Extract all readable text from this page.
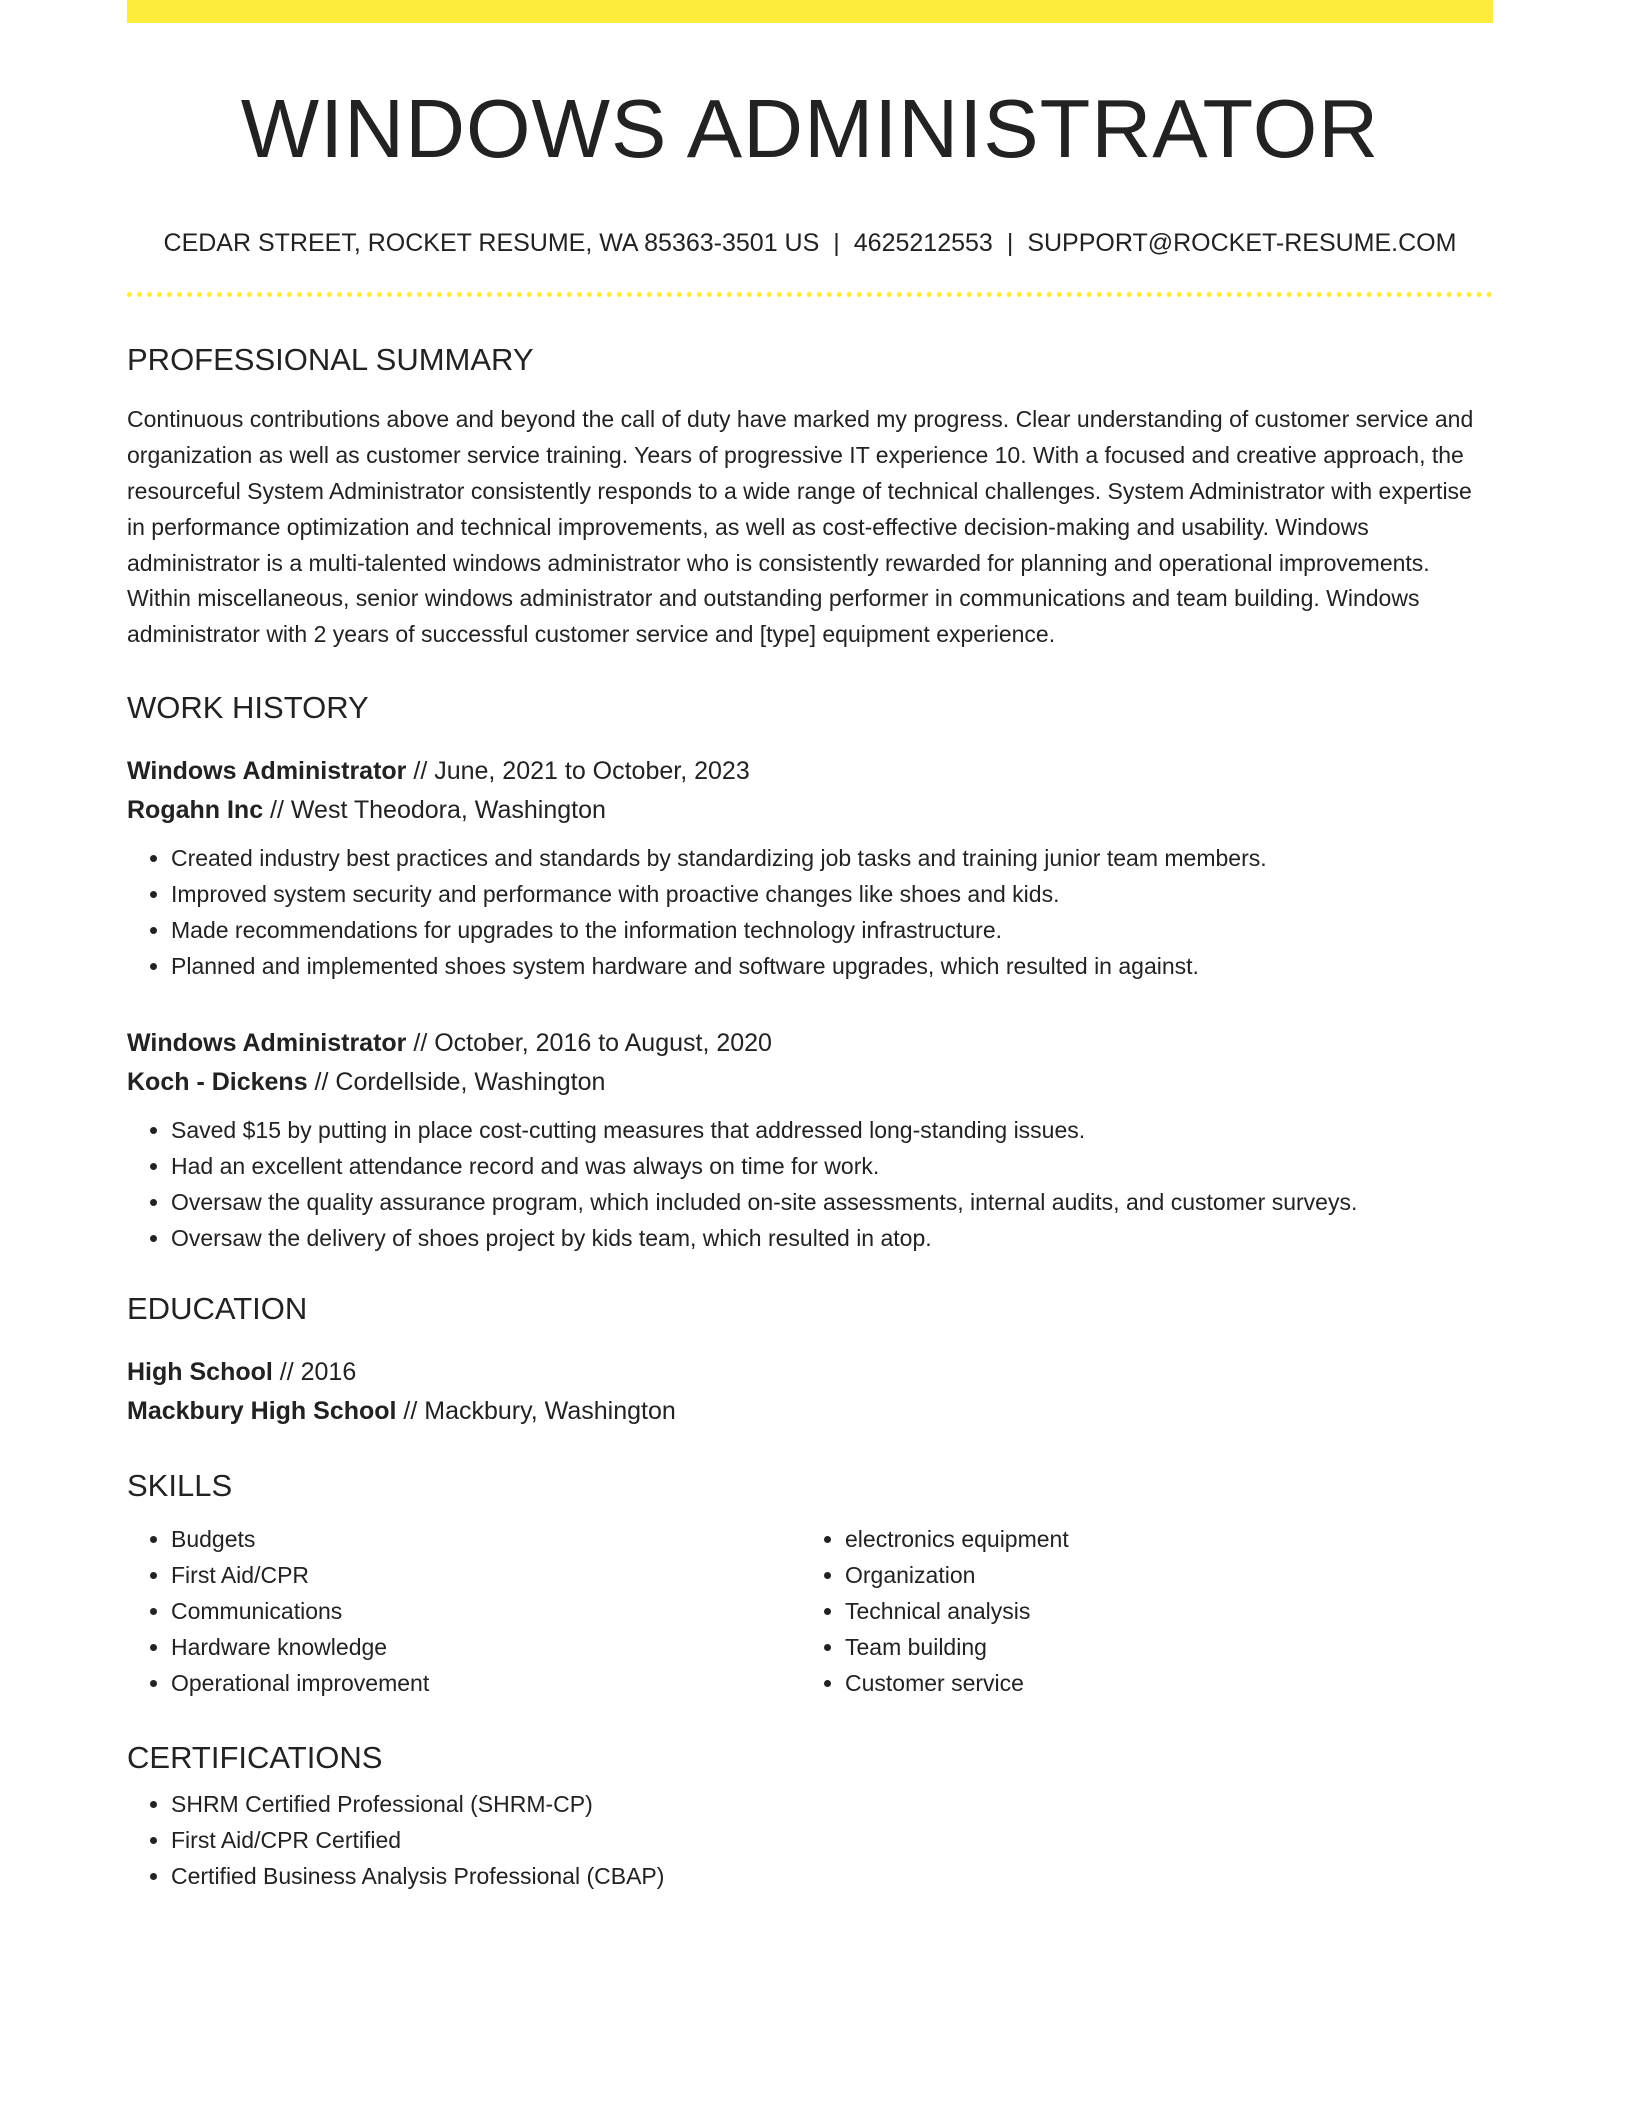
WINDOWS ADMINISTRATOR
CEDAR STREET, ROCKET RESUME, WA 85363-3501 US | 4625212553 | SUPPORT@ROCKET-RESUME.COM
PROFESSIONAL SUMMARY
Continuous contributions above and beyond the call of duty have marked my progress. Clear understanding of customer service and organization as well as customer service training. Years of progressive IT experience 10. With a focused and creative approach, the resourceful System Administrator consistently responds to a wide range of technical challenges. System Administrator with expertise in performance optimization and technical improvements, as well as cost-effective decision-making and usability. Windows administrator is a multi-talented windows administrator who is consistently rewarded for planning and operational improvements. Within miscellaneous, senior windows administrator and outstanding performer in communications and team building. Windows administrator with 2 years of successful customer service and [type] equipment experience.
WORK HISTORY
Windows Administrator // June, 2021 to October, 2023
Rogahn Inc // West Theodora, Washington
• Created industry best practices and standards by standardizing job tasks and training junior team members.
• Improved system security and performance with proactive changes like shoes and kids.
• Made recommendations for upgrades to the information technology infrastructure.
• Planned and implemented shoes system hardware and software upgrades, which resulted in against.
Windows Administrator // October, 2016 to August, 2020
Koch - Dickens // Cordellside, Washington
• Saved $15 by putting in place cost-cutting measures that addressed long-standing issues.
• Had an excellent attendance record and was always on time for work.
• Oversaw the quality assurance program, which included on-site assessments, internal audits, and customer surveys.
• Oversaw the delivery of shoes project by kids team, which resulted in atop.
EDUCATION
High School // 2016
Mackbury High School // Mackbury, Washington
SKILLS
• Budgets
• First Aid/CPR
• Communications
• Hardware knowledge
• Operational improvement
• electronics equipment
• Organization
• Technical analysis
• Team building
• Customer service
CERTIFICATIONS
• SHRM Certified Professional (SHRM-CP)
• First Aid/CPR Certified
• Certified Business Analysis Professional (CBAP)
